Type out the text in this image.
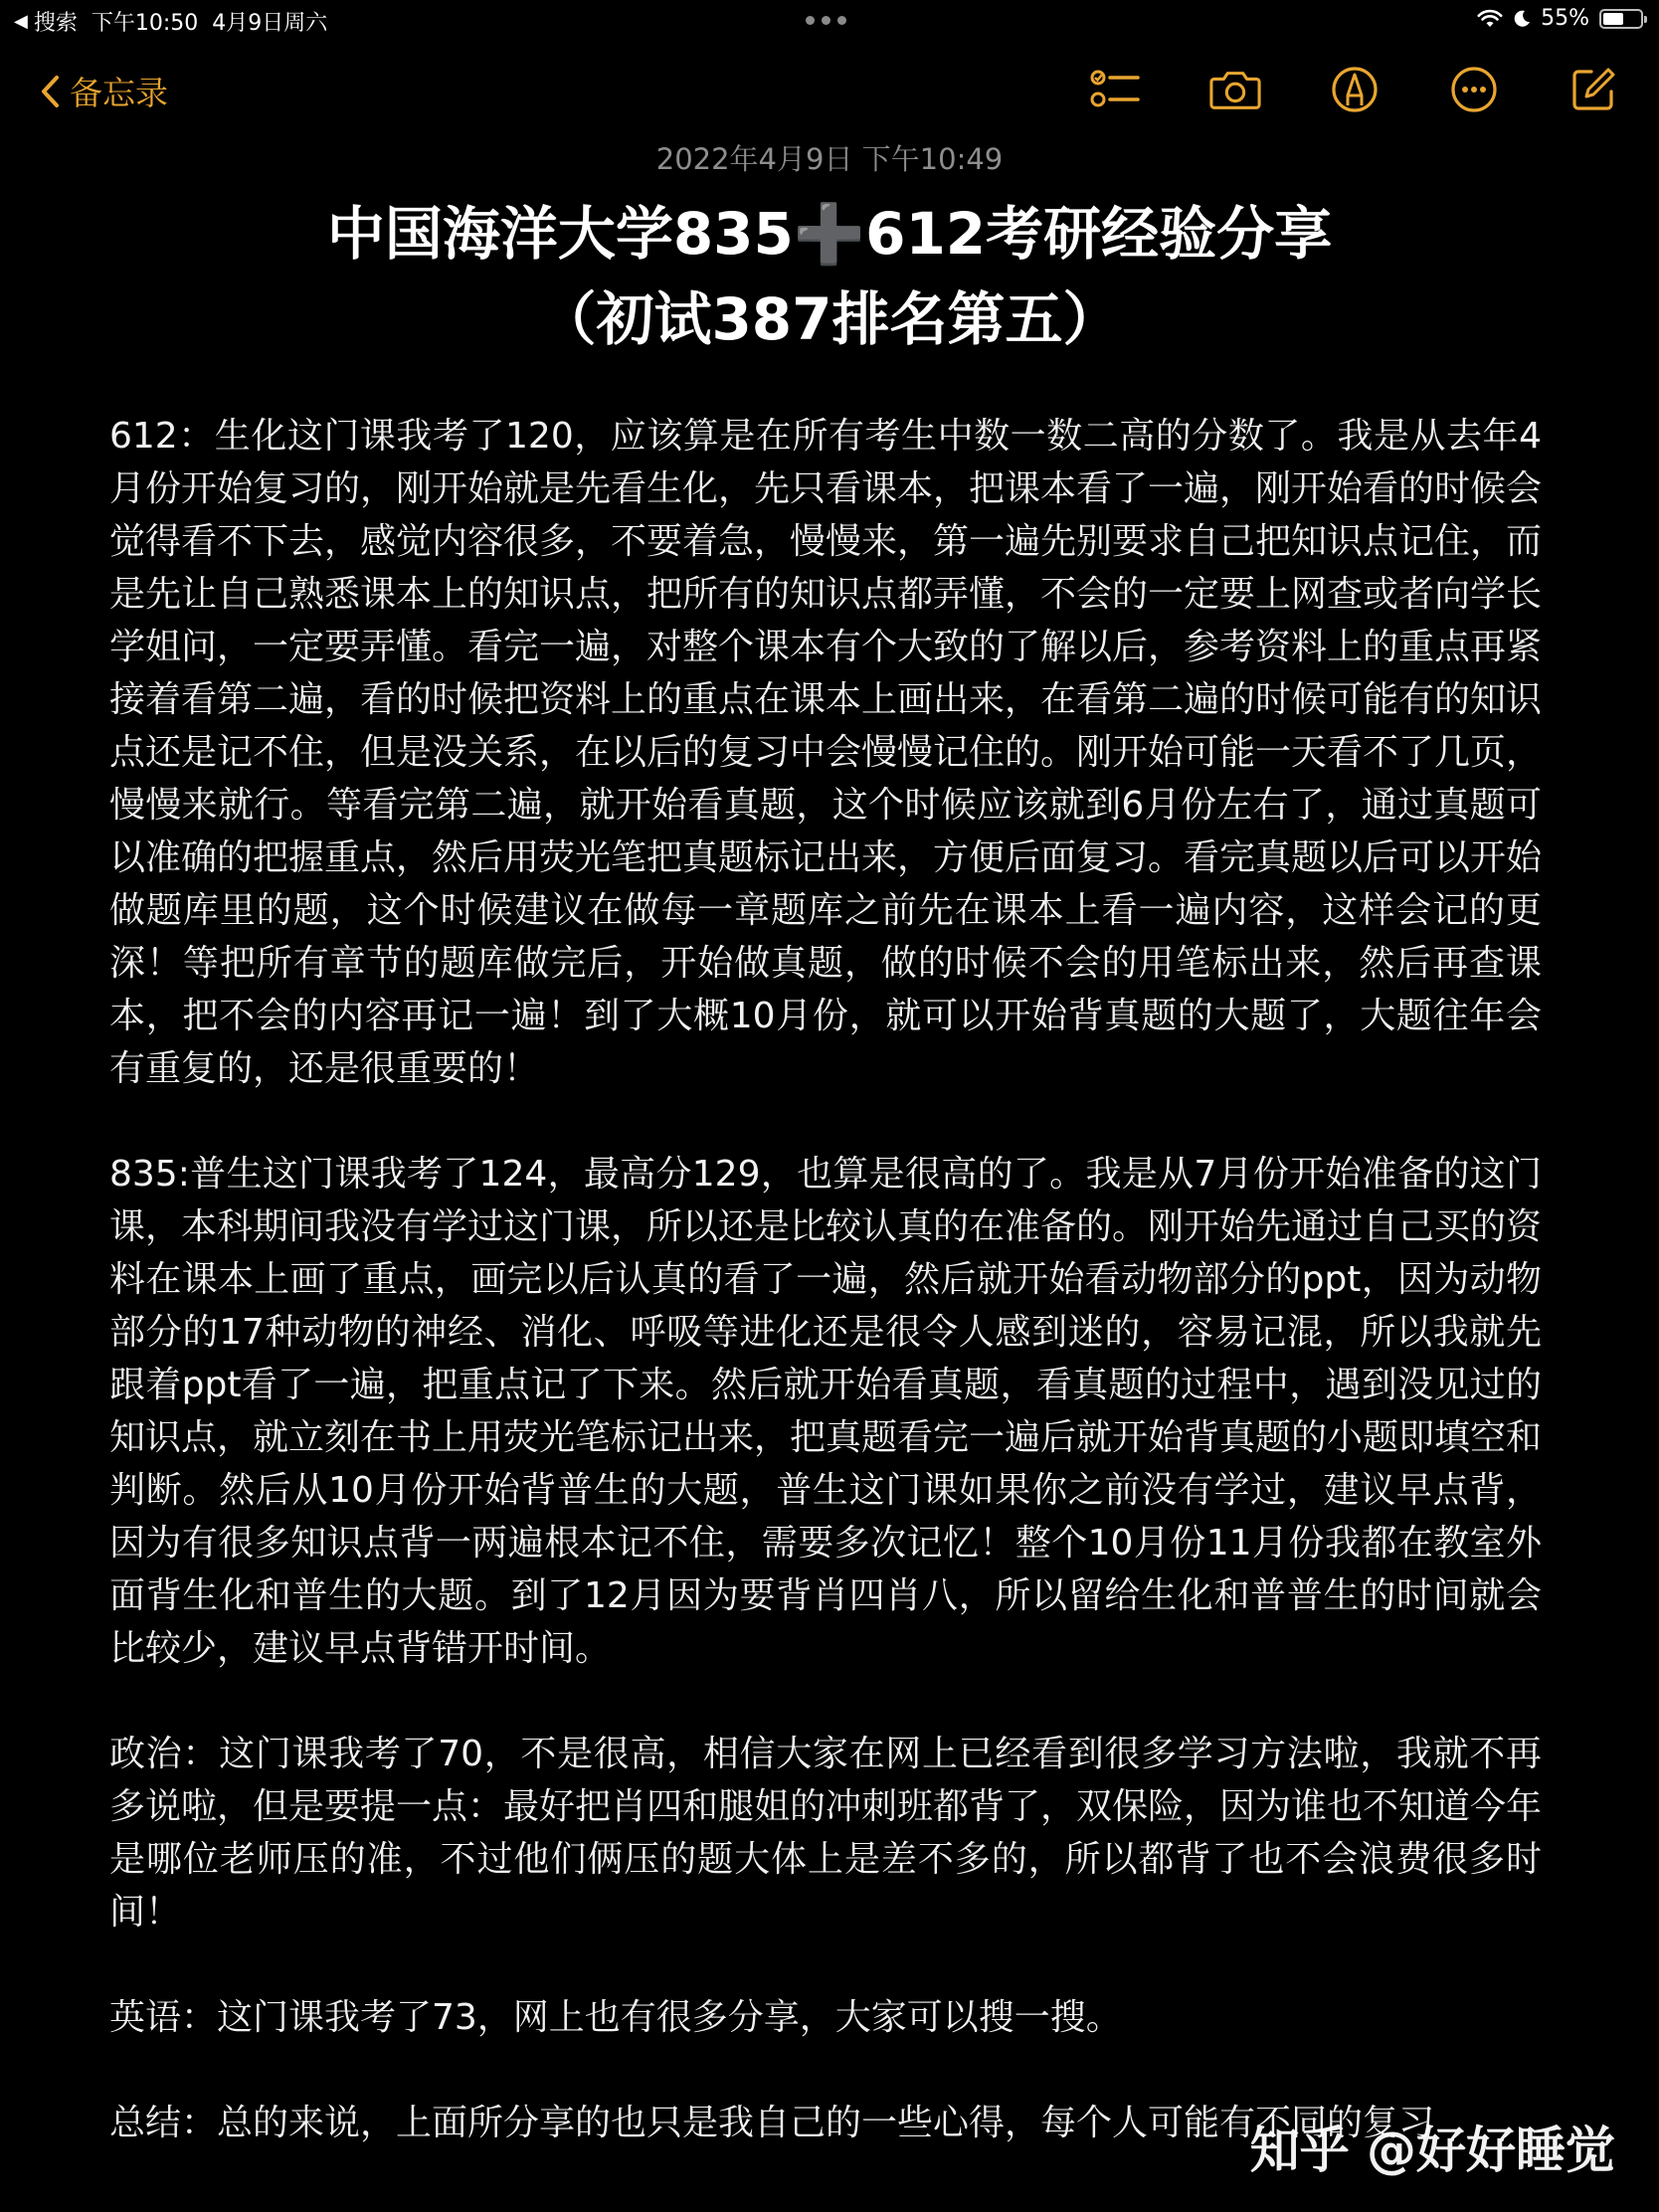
◀ 搜索 下午10:50 4月9日周六	55%
备忘录
2022年4月9日 下午10:49
中国海洋大学835➕612考研经验分享
（初试387排名第五）

612：生化这门课我考了120，应该算是在所有考生中数一数二高的分数了。我是从去年4月份开始复习的，刚开始就是先看生化，先只看课本，把课本看了一遍，刚开始看的时候会觉得看不下去，感觉内容很多，不要着急，慢慢来，第一遍先别要求自己把知识点记住，而是先让自己熟悉课本上的知识点，把所有的知识点都弄懂，不会的一定要上网查或者向学长学姐问，一定要弄懂。看完一遍，对整个课本有个大致的了解以后，参考资料上的重点再紧接着看第二遍，看的时候把资料上的重点在课本上画出来，在看第二遍的时候可能有的知识点还是记不住，但是没关系，在以后的复习中会慢慢记住的。刚开始可能一天看不了几页，慢慢来就行。等看完第二遍，就开始看真题，这个时候应该就到6月份左右了，通过真题可以准确的把握重点，然后用荧光笔把真题标记出来，方便后面复习。看完真题以后可以开始做题库里的题，这个时候建议在做每一章题库之前先在课本上看一遍内容，这样会记的更深！等把所有章节的题库做完后，开始做真题，做的时候不会的用笔标出来，然后再查课本，把不会的内容再记一遍！到了大概10月份，就可以开始背真题的大题了，大题往年会有重复的，还是很重要的！

835:普生这门课我考了124，最高分129，也算是很高的了。我是从7月份开始准备的这门课，本科期间我没有学过这门课，所以还是比较认真的在准备的。刚开始先通过自己买的资料在课本上画了重点，画完以后认真的看了一遍，然后就开始看动物部分的ppt，因为动物部分的17种动物的神经、消化、呼吸等进化还是很令人感到迷的，容易记混，所以我就先跟着ppt看了一遍，把重点记了下来。然后就开始看真题，看真题的过程中，遇到没见过的知识点，就立刻在书上用荧光笔标记出来，把真题看完一遍后就开始背真题的小题即填空和判断。然后从10月份开始背普生的大题，普生这门课如果你之前没有学过，建议早点背，因为有很多知识点背一两遍根本记不住，需要多次记忆！整个10月份11月份我都在教室外面背生化和普生的大题。到了12月因为要背肖四肖八，所以留给生化和普普生的时间就会比较少，建议早点背错开时间。

政治：这门课我考了70，不是很高，相信大家在网上已经看到很多学习方法啦，我就不再多说啦，但是要提一点：最好把肖四和腿姐的冲刺班都背了，双保险，因为谁也不知道今年是哪位老师压的准，不过他们俩压的题大体上是差不多的，所以都背了也不会浪费很多时间！

英语：这门课我考了73，网上也有很多分享，大家可以搜一搜。

总结：总的来说，上面所分享的也只是我自己的一些心得，每个人可能有不同的复习

知乎 @好好睡觉
